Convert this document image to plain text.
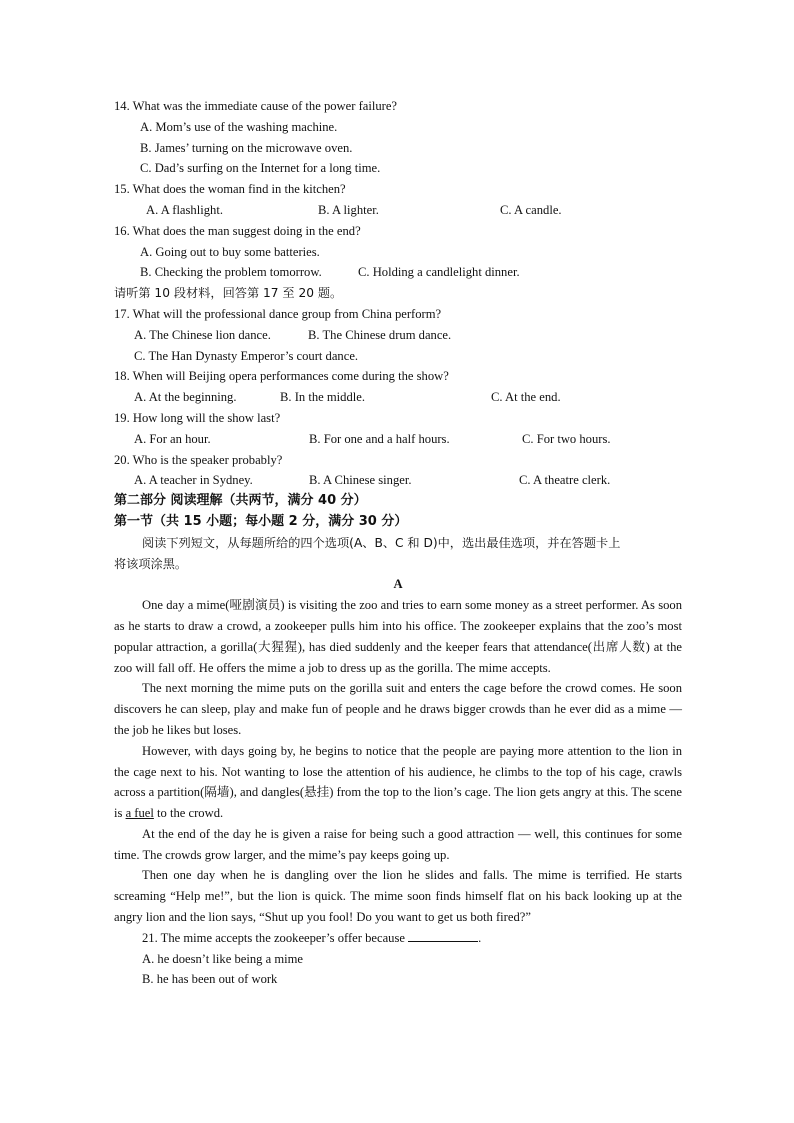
14. What was the immediate cause of the power failure?
A. Mom’s use of the washing machine.
B. James’ turning on the microwave oven.
C. Dad’s surfing on the Internet for a long time.
15. What does the woman find in the kitchen?
A. A flashlight.	B. A lighter.	C. A candle.
16. What does the man suggest doing in the end?
A. Going out to buy some batteries.
B. Checking the problem tomorrow.	C. Holding a candlelight dinner.
请听第 10 段材料，回答第 17 至 20 题。
17. What will the professional dance group from China perform?
A. The Chinese lion dance.	B. The Chinese drum dance.
C. The Han Dynasty Emperor’s court dance.
18. When will Beijing opera performances come during the show?
A. At the beginning.	B. In the middle.	C. At the end.
19. How long will the show last?
A. For an hour.	B. For one and a half hours.	C. For two hours.
20. Who is the speaker probably?
A. A teacher in Sydney.	B. A Chinese singer.	C. A theatre clerk.
第二部分 阅读理解（共两节，满分 40 分）
第一节（共 15 小题；每小题 2 分，满分 30 分）
阅读下列短文，从每题所给的四个选项(A、B、C 和 D)中，选出最佳选项，并在答题卡上
将该项涂黑。
A

One day a mime(哑剧演员) is visiting the zoo and tries to earn some money as a street performer. As soon as he starts to draw a crowd, a zookeeper pulls him into his office. The zookeeper explains that the zoo’s most popular attraction, a gorilla(大猩猩), has died suddenly and the keeper fears that attendance(出席人数) at the zoo will fall off. He offers the mime a job to dress up as the gorilla. The mime accepts.

The next morning the mime puts on the gorilla suit and enters the cage before the crowd comes. He soon discovers he can sleep, play and make fun of people and he draws bigger crowds than he ever did as a mime — the job he likes but loses.

However, with days going by, he begins to notice that the people are paying more attention to the lion in the cage next to his. Not wanting to lose the attention of his audience, he climbs to the top of his cage, crawls across a partition(隔墙), and dangles(悬挂) from the top to the lion’s cage. The lion gets angry at this. The scene is a fuel to the crowd.

At the end of the day he is given a raise for being such a good attraction — well, this continues for some time. The crowds grow larger, and the mime’s pay keeps going up.

Then one day when he is dangling over the lion he slides and falls. The mime is terrified. He starts screaming “Help me!”, but the lion is quick. The mime soon finds himself flat on his back looking up at the angry lion and the lion says, “Shut up you fool! Do you want to get us both fired?”

21. The mime accepts the zookeeper’s offer because	.
A. he doesn’t like being a mime
B. he has been out of work
